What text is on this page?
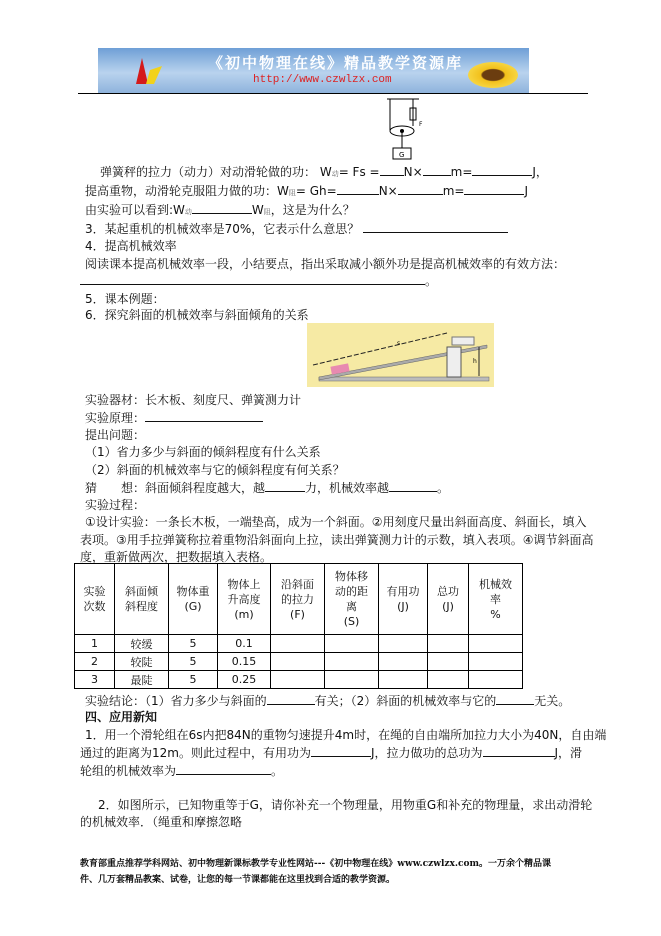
《初中物理在线》精品教学资源库
http://www.czwlzx.com
G
F
弹簧秤的拉力（动力）对动滑轮做的功： W动= Fs = N× m=	J，
提高重物，动滑轮克服阻力做的功：W阻= Gh=	N×	m=	J
由实验可以看到:W动	W阻，这是为什么？
3．某起重机的机械效率是70%，它表示什么意思？
4．提高机械效率
阅读课本提高机械效率一段，小结要点，指出采取减小额外功是提高机械效率的有效方法：
。
5．课本例题：
6．探究斜面的机械效率与斜面倾角的关系
s
h
实验器材：长木板、刻度尺、弹簧测力计
实验原理：
提出问题：
（1）省力多少与斜面的倾斜程度有什么关系
（2）斜面的机械效率与它的倾斜程度有何关系？
猜　　想：斜面倾斜程度越大，越	力，机械效率越	。
实验过程：
①设计实验：一条长木板，一端垫高，成为一个斜面。②用刻度尺量出斜面高度、斜面长，填入
表项。③用手拉弹簧称拉着重物沿斜面向上拉，读出弹簧测力计的示数，填入表项。④调节斜面高
度，重新做两次，把数据填入表格。
实验
次数	斜面倾
斜程度	物体重
(G)	物体上
升高度
(m)	沿斜面
的拉力
(F)	物体移
动的距
离
(S)	有用功
(J)	总功
(J)	机械效
率
%
1	较缓	5	0.1					
2	较陡	5	0.15					
3	最陡	5	0.25					
实验结论：（1）省力多少与斜面的	有关；（2）斜面的机械效率与它的	无关。
四、应用新知
1．用一个滑轮组在6s内把84N的重物匀速提升4m时，在绳的自由端所加拉力大小为40N，自由端
通过的距离为12m。则此过程中，有用功为	J，拉力做功的总功为	J，滑
轮组的机械效率为	。
2．如图所示，已知物重等于G，请你补充一个物理量，用物重G和补充的物理量，求出动滑轮
的机械效率．（绳重和摩擦忽略
教育部重点推荐学科网站、初中物理新课标教学专业性网站---《初中物理在线》www.czwlzx.com。一万余个精品课
件、几万套精品教案、试卷，让您的每一节课都能在这里找到合适的教学资源。
